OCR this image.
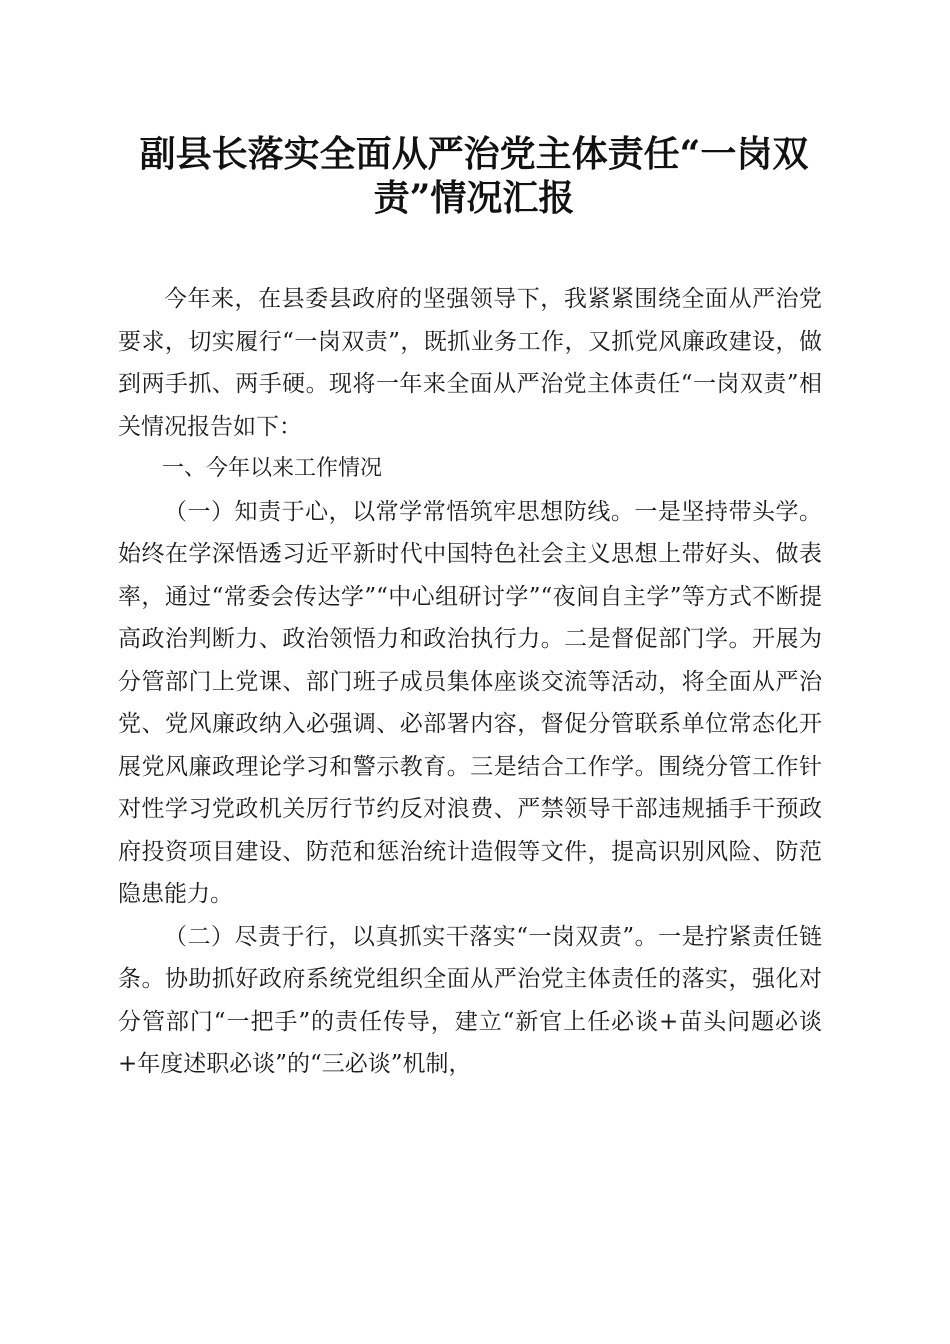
副县长落实全面从严治党主体责任“一岗双
责”情况汇报

今年来，在县委县政府的坚强领导下，我紧紧围绕全面从严治党要求，切实履行“一岗双责”，既抓业务工作，又抓党风廉政建设，做到两手抓、两手硬。现将一年来全面从严治党主体责任“一岗双责”相关情况报告如下：

一、今年以来工作情况

（一）知责于心，以常学常悟筑牢思想防线。一是坚持带头学。始终在学深悟透习近平新时代中国特色社会主义思想上带好头、做表率，通过“常委会传达学”“中心组研讨学”“夜间自主学”等方式不断提高政治判断力、政治领悟力和政治执行力。二是督促部门学。开展为分管部门上党课、部门班子成员集体座谈交流等活动，将全面从严治党、党风廉政纳入必强调、必部署内容，督促分管联系单位常态化开展党风廉政理论学习和警示教育。三是结合工作学。围绕分管工作针对性学习党政机关厉行节约反对浪费、严禁领导干部违规插手干预政府投资项目建设、防范和惩治统计造假等文件，提高识别风险、防范隐患能力。

（二）尽责于行，以真抓实干落实“一岗双责”。一是拧紧责任链条。协助抓好政府系统党组织全面从严治党主体责任的落实，强化对分管部门“一把手”的责任传导，建立“新官上任必谈+苗头问题必谈+年度述职必谈”的“三必谈”机制，
